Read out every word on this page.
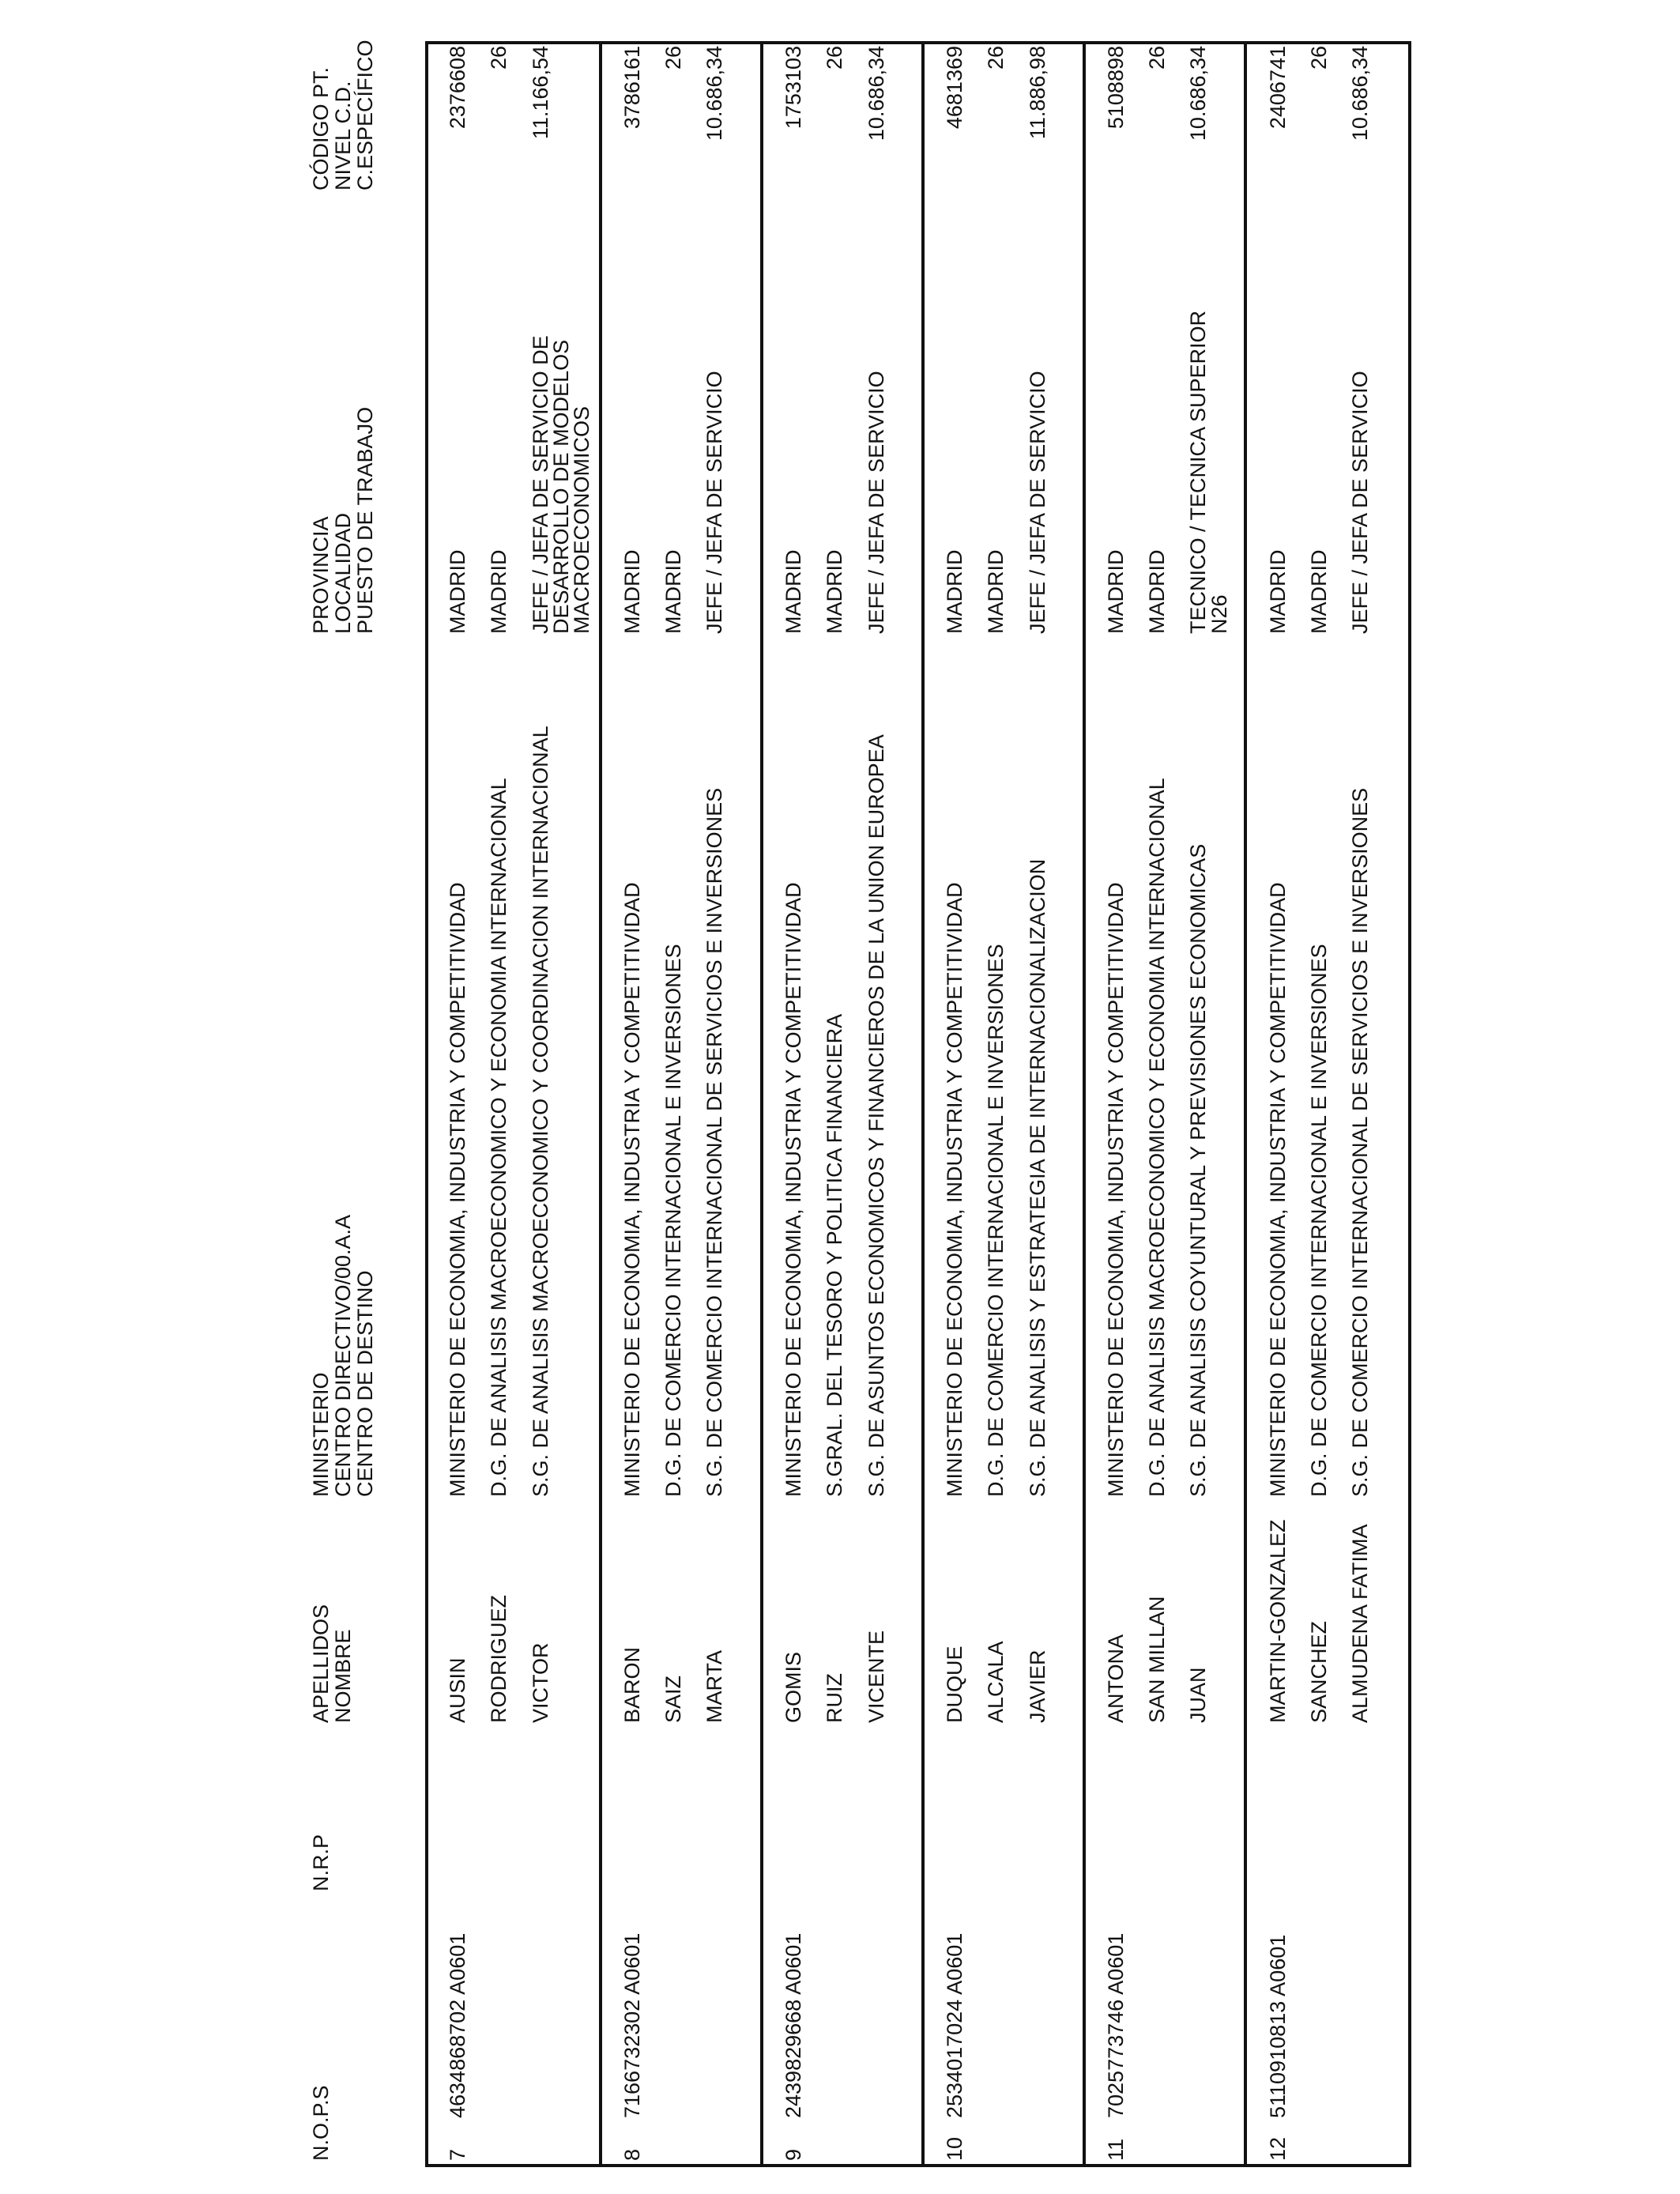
N.O.P.S
N.R.P
APELLIDOS
NOMBRE
MINISTERIO
CENTRO DIRECTIVO/00.A.A
CENTRO DE DESTINO
PROVINCIA
LOCALIDAD
PUESTO DE TRABAJO
CÓDIGO PT.
NIVEL C.D.
C.ESPECÍFICO
7
4634868702 A0601
AUSIN RODRIGUEZ VICTOR
MINISTERIO DE ECONOMIA, INDUSTRIA Y COMPETITIVIDAD D.G. DE ANALISIS MACROECONOMICO Y ECONOMIA INTERNACIONAL S.G. DE ANALISIS MACROECONOMICO Y COORDINACION INTERNACIONAL
MADRID MADRID JEFE / JEFA DE SERVICIO DE
DESARROLLO DE MODELOS
MACROECONOMICOS
2376608 26 11.166,54
8
7166732302 A0601
BARON SAIZ MARTA
MINISTERIO DE ECONOMIA, INDUSTRIA Y COMPETITIVIDAD D.G. DE COMERCIO INTERNACIONAL E INVERSIONES S.G. DE COMERCIO INTERNACIONAL DE SERVICIOS E INVERSIONES
MADRID MADRID JEFE / JEFA DE SERVICIO
3786161 26 10.686,34
9
2439829668 A0601
GOMIS RUIZ VICENTE
MINISTERIO DE ECONOMIA, INDUSTRIA Y COMPETITIVIDAD S.GRAL. DEL TESORO Y POLITICA FINANCIERA S.G. DE ASUNTOS ECONOMICOS Y FINANCIEROS DE LA UNION EUROPEA
MADRID MADRID JEFE / JEFA DE SERVICIO
1753103 26 10.686,34
10
2534017024 A0601
DUQUE ALCALA JAVIER
MINISTERIO DE ECONOMIA, INDUSTRIA Y COMPETITIVIDAD D.G. DE COMERCIO INTERNACIONAL E INVERSIONES S.G. DE ANALISIS Y ESTRATEGIA DE INTERNACIONALIZACION
MADRID MADRID JEFE / JEFA DE SERVICIO
4681369 26 11.886,98
11
7025773746 A0601
ANTONA SAN MILLAN JUAN
MINISTERIO DE ECONOMIA, INDUSTRIA Y COMPETITIVIDAD D.G. DE ANALISIS MACROECONOMICO Y ECONOMIA INTERNACIONAL S.G. DE ANALISIS COYUNTURAL Y PREVISIONES ECONOMICAS
MADRID MADRID TECNICO / TECNICA SUPERIOR
N26
5108898 26 10.686,34
12
5110910813 A0601
MARTIN-GONZALEZ SANCHEZ ALMUDENA FATIMA
MINISTERIO DE ECONOMIA, INDUSTRIA Y COMPETITIVIDAD D.G. DE COMERCIO INTERNACIONAL E INVERSIONES S.G. DE COMERCIO INTERNACIONAL DE SERVICIOS E INVERSIONES
MADRID MADRID JEFE / JEFA DE SERVICIO
2406741 26 10.686,34
